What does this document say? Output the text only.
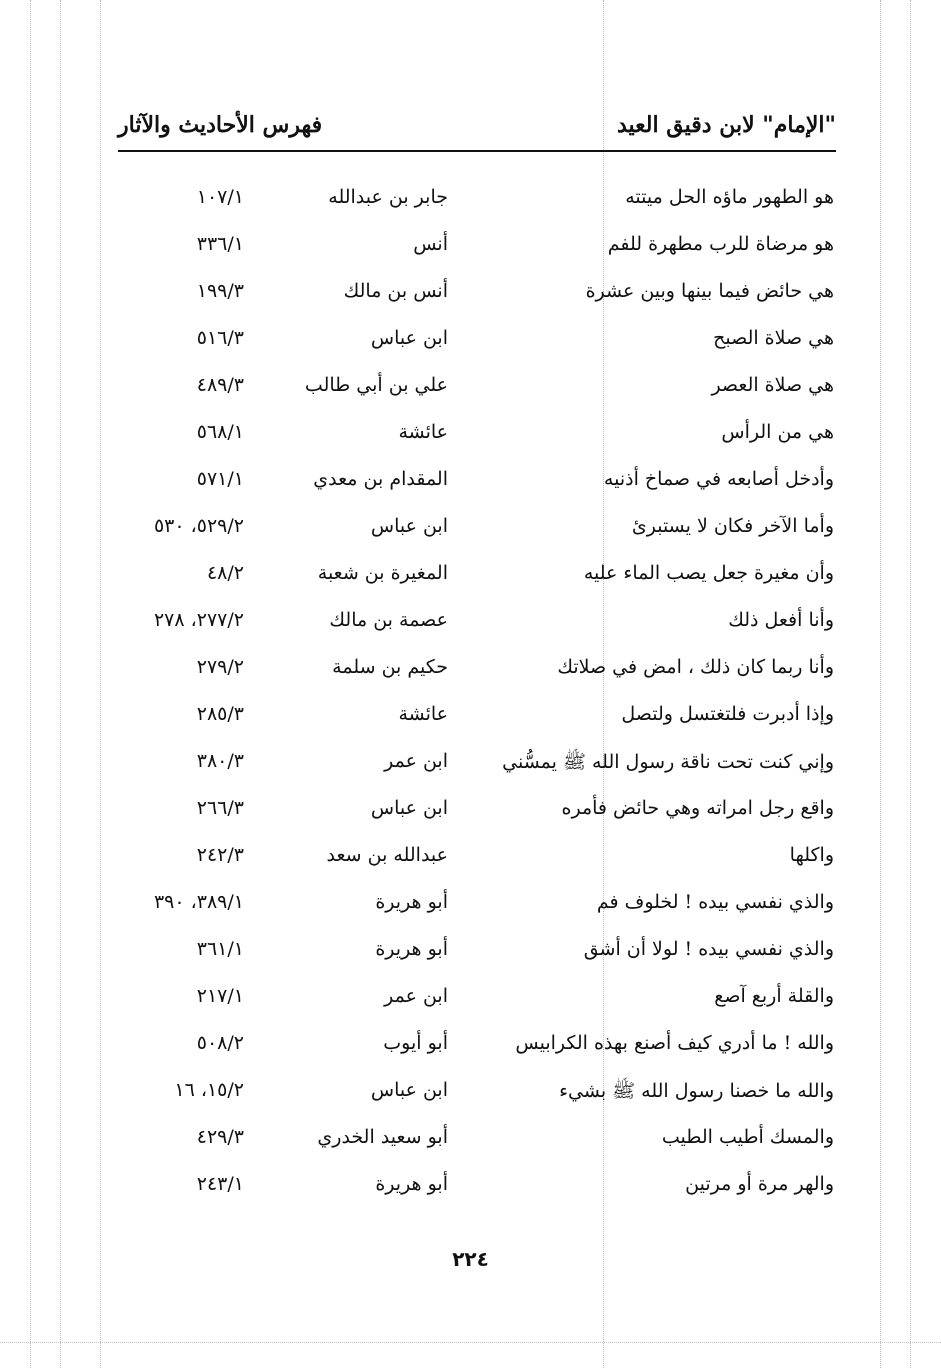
"الإمام" لابن دقيق العيد
فهرس الأحاديث والآثار
هو الطهور ماؤه الحل ميتته
جابر بن عبدالله
١٠٧/١
هو مرضاة للرب مطهرة للفم
أنس
٣٣٦/١
هي حائض فيما بينها وبين عشرة
أنس بن مالك
١٩٩/٣
هي صلاة الصبح
ابن عباس
٥١٦/٣
هي صلاة العصر
علي بن أبي طالب
٤٨٩/٣
هي من الرأس
عائشة
٥٦٨/١
وأدخل أصابعه في صماخ أذنيه
المقدام بن معدي
٥٧١/١
وأما الآخر فكان لا يستبرئ
ابن عباس
٥٢٩/٢، ٥٣٠
وأن مغيرة جعل يصب الماء عليه
المغيرة بن شعبة
٤٨/٢
وأنا أفعل ذلك
عصمة بن مالك
٢٧٧/٢، ٢٧٨
وأنا ربما كان ذلك ، امض في صلاتك
حكيم بن سلمة
٢٧٩/٢
وإذا أدبرت فلتغتسل ولتصل
عائشة
٢٨٥/٣
وإني كنت تحت ناقة رسول الله ﷺ يمسُّني
ابن عمر
٣٨٠/٣
واقع رجل امراته وهي حائض فأمره
ابن عباس
٢٦٦/٣
واكلها
عبدالله بن سعد
٢٤٢/٣
والذي نفسي بيده ! لخلوف فم
أبو هريرة
٣٨٩/١، ٣٩٠
والذي نفسي بيده ! لولا أن أشق
أبو هريرة
٣٦١/١
والقلة أربع آصع
ابن عمر
٢١٧/١
والله ! ما أدري كيف أصنع بهذه الكرابيس
أبو أيوب
٥٠٨/٢
والله ما خصنا رسول الله ﷺ بشيء
ابن عباس
١٥/٢، ١٦
والمسك أطيب الطيب
أبو سعيد الخدري
٤٢٩/٣
والهر مرة أو مرتين
أبو هريرة
٢٤٣/١
٢٢٤
